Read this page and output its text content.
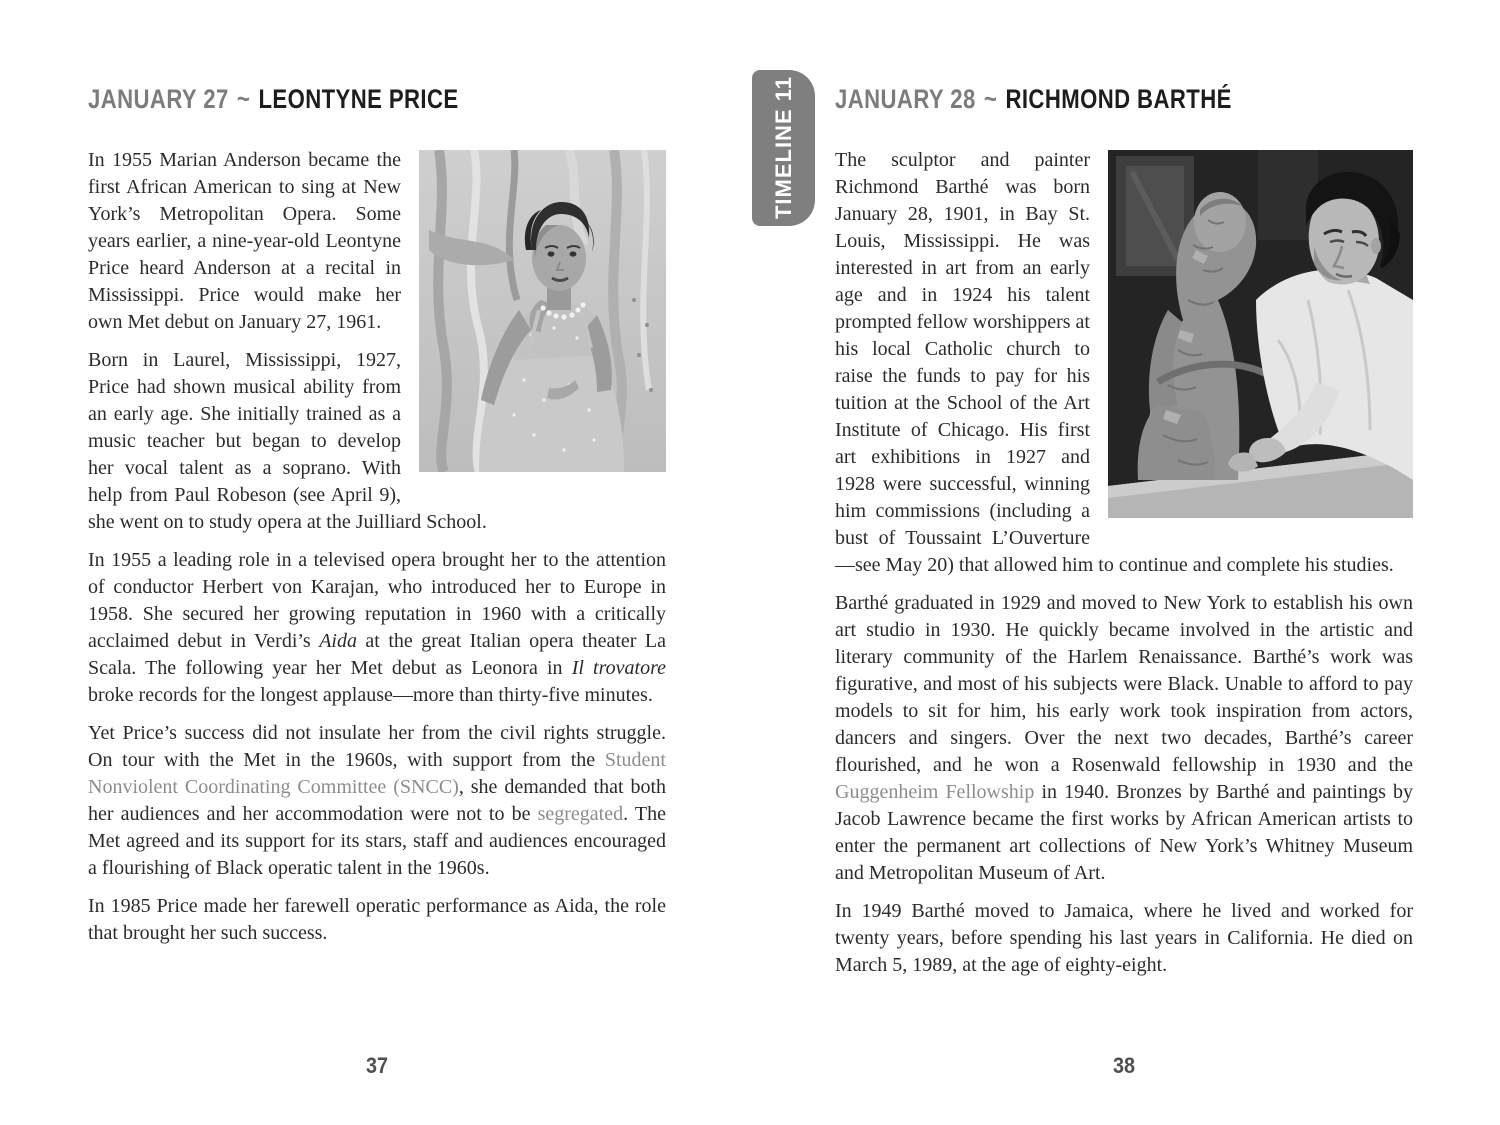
JANUARY 27 ~ LEONTYNE PRICE

In 1955 Marian Anderson became the first African American to sing at New York’s Metropolitan Opera. Some years earlier, a nine-year-old Leontyne Price heard Anderson at a recital in Mississippi. Price would make her own Met debut on January 27, 1961.

Born in Laurel, Mississippi, 1927, Price had shown musical ability from an early age. She initially trained as a music teacher but began to develop her vocal talent as a soprano. With help from Paul Robeson (see April 9), she went on to study opera at the Juilliard School.

In 1955 a leading role in a televised opera brought her to the attention of conductor Herbert von Karajan, who introduced her to Europe in 1958. She secured her growing reputation in 1960 with a critically acclaimed debut in Verdi’s Aida at the great Italian opera theater La Scala. The following year her Met debut as Leonora in Il trovatore broke records for the longest applause—more than thirty-five minutes.

Yet Price’s success did not insulate her from the civil rights struggle. On tour with the Met in the 1960s, with support from the Student Nonviolent Coordinating Committee (SNCC), she demanded that both her audiences and her accommodation were not to be segregated. The Met agreed and its support for its stars, staff and audiences encouraged a flourishing of Black operatic talent in the 1960s.

In 1985 Price made her farewell operatic performance as Aida, the role that brought her such success.

37
TIMELINE 11 JANUARY 28 ~ RICHMOND BARTHÉ

The sculptor and painter Richmond Barthé was born January 28, 1901, in Bay St. Louis, Mississippi. He was interested in art from an early age and in 1924 his talent prompted fellow worshippers at his local Catholic church to raise the funds to pay for his tuition at the School of the Art Institute of Chicago. His first art exhibitions in 1927 and 1928 were successful, winning him commissions (including a bust of Toussaint L’Ouverture—see May 20) that allowed him to continue and complete his studies.

Barthé graduated in 1929 and moved to New York to establish his own art studio in 1930. He quickly became involved in the artistic and literary community of the Harlem Renaissance. Barthé’s work was figurative, and most of his subjects were Black. Unable to afford to pay models to sit for him, his early work took inspiration from actors, dancers and singers. Over the next two decades, Barthé’s career flourished, and he won a Rosenwald fellowship in 1930 and the Guggenheim Fellowship in 1940. Bronzes by Barthé and paintings by Jacob Lawrence became the first works by African American artists to enter the permanent art collections of New York’s Whitney Museum and Metropolitan Museum of Art.

In 1949 Barthé moved to Jamaica, where he lived and worked for twenty years, before spending his last years in California. He died on March 5, 1989, at the age of eighty-eight.

38
